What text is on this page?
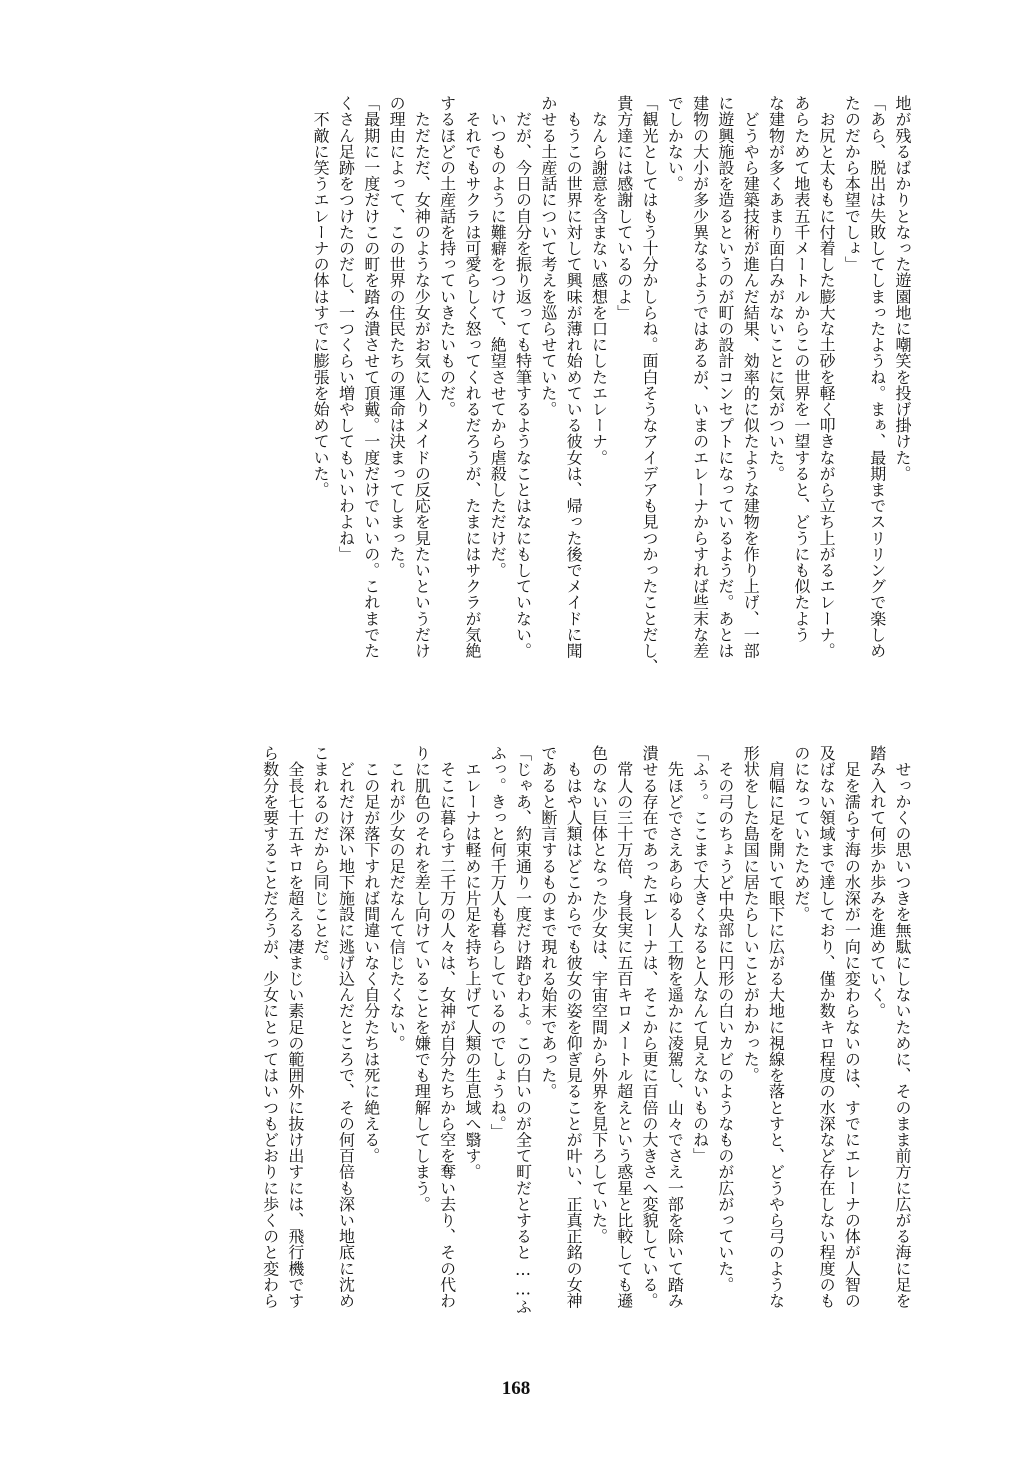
地が残るばかりとなった遊園地に嘲笑を投げ掛けた。
「あら、脱出は失敗してしまったようね。まぁ、最期までスリリングで楽しめ
たのだから本望でしょ」
　お尻と太ももに付着した膨大な土砂を軽く叩きながら立ち上がるエレーナ。
あらためて地表五千メートルからこの世界を一望すると、どうにも似たよう
な建物が多くあまり面白みがないことに気がついた。
　どうやら建築技術が進んだ結果、効率的に似たような建物を作り上げ、一部
に遊興施設を造るというのが町の設計コンセプトになっているようだ。あとは
建物の大小が多少異なるようではあるが、いまのエレーナからすれば些末な差
でしかない。
「観光としてはもう十分かしらね。面白そうなアイデアも見つかったことだし、
貴方達には感謝しているのよ」
　なんら謝意を含まない感想を口にしたエレーナ。
　もうこの世界に対して興味が薄れ始めている彼女は、帰った後でメイドに聞
かせる土産話について考えを巡らせていた。
　だが、今日の自分を振り返っても特筆するようなことはなにもしていない。
　いつものように難癖をつけて、絶望させてから虐殺しただけだ。
　それでもサクラは可愛らしく怒ってくれるだろうが、たまにはサクラが気絶
するほどの土産話を持っていきたいものだ。
　ただただ、女神のような少女がお気に入りメイドの反応を見たいというだけ
の理由によって、この世界の住民たちの運命は決まってしまった。
「最期に一度だけこの町を踏み潰させて頂戴。一度だけでいいの。これまでた
くさん足跡をつけたのだし、一つくらい増やしてもいいわよね」
　不敵に笑うエレーナの体はすでに膨張を始めていた。
　せっかくの思いつきを無駄にしないために、そのまま前方に広がる海に足を
踏み入れて何歩か歩みを進めていく。
　足を濡らす海の水深が一向に変わらないのは、すでにエレーナの体が人智の
及ばない領域まで達しており、僅か数キロ程度の水深など存在しない程度のも
のになっていたためだ。
　肩幅に足を開いて眼下に広がる大地に視線を落とすと、どうやら弓のような
形状をした島国に居たらしいことがわかった。
　その弓のちょうど中央部に円形の白いカビのようなものが広がっていた。
「ふぅ。ここまで大きくなると人なんて見えないものね」
　先ほどでさえあらゆる人工物を遥かに凌駕し、山々でさえ一部を除いて踏み
潰せる存在であったエレーナは、そこから更に百倍の大きさへ変貌している。
　常人の三十万倍、身長実に五百キロメートル超えという惑星と比較しても遜
色のない巨体となった少女は、宇宙空間から外界を見下ろしていた。
　もはや人類はどこからでも彼女の姿を仰ぎ見ることが叶い、正真正銘の女神
であると断言するものまで現れる始末であった。
「じゃあ、約束通り一度だけ踏むわよ。この白いのが全て町だとすると……ふ
ふっ。きっと何千万人も暮らしているのでしょうね。」
　エレーナは軽めに片足を持ち上げて人類の生息域へ翳す。
　そこに暮らす二千万の人々は、女神が自分たちから空を奪い去り、その代わ
りに肌色のそれを差し向けていることを嫌でも理解してしまう。
　これが少女の足だなんて信じたくない。
　この足が落下すれば間違いなく自分たちは死に絶える。
　どれだけ深い地下施設に逃げ込んだところで、その何百倍も深い地底に沈め
こまれるのだから同じことだ。
　全長七十五キロを超える凄まじい素足の範囲外に抜け出すには、飛行機です
ら数分を要することだろうが、少女にとってはいつもどおりに歩くのと変わら
168
